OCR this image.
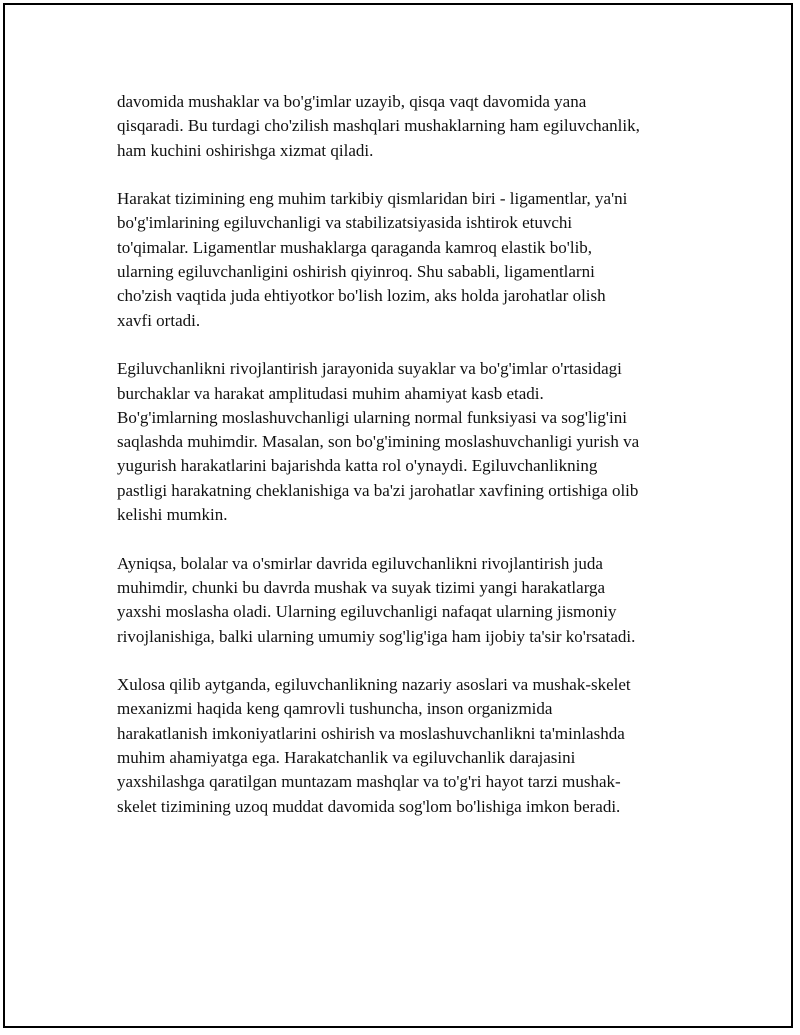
davomida mushaklar va bo'g'imlar uzayib, qisqa vaqt davomida yana
qisqaradi. Bu turdagi cho'zilish mashqlari mushaklarning ham egiluvchanlik,
ham kuchini oshirishga xizmat qiladi.

Harakat tizimining eng muhim tarkibiy qismlaridan biri - ligamentlar, ya'ni
bo'g'imlarining egiluvchanligi va stabilizatsiyasida ishtirok etuvchi
to'qimalar. Ligamentlar mushaklarga qaraganda kamroq elastik bo'lib,
ularning egiluvchanligini oshirish qiyinroq. Shu sababli, ligamentlarni
cho'zish vaqtida juda ehtiyotkor bo'lish lozim, aks holda jarohatlar olish
xavfi ortadi.

Egiluvchanlikni rivojlantirish jarayonida suyaklar va bo'g'imlar o'rtasidagi
burchaklar va harakat amplitudasi muhim ahamiyat kasb etadi.
Bo'g'imlarning moslashuvchanligi ularning normal funksiyasi va sog'lig'ini
saqlashda muhimdir. Masalan, son bo'g'imining moslashuvchanligi yurish va
yugurish harakatlarini bajarishda katta rol o'ynaydi. Egiluvchanlikning
pastligi harakatning cheklanishiga va ba'zi jarohatlar xavfining ortishiga olib
kelishi mumkin.

Ayniqsa, bolalar va o'smirlar davrida egiluvchanlikni rivojlantirish juda
muhimdir, chunki bu davrda mushak va suyak tizimi yangi harakatlarga
yaxshi moslasha oladi. Ularning egiluvchanligi nafaqat ularning jismoniy
rivojlanishiga, balki ularning umumiy sog'lig'iga ham ijobiy ta'sir ko'rsatadi.

Xulosa qilib aytganda, egiluvchanlikning nazariy asoslari va mushak-skelet
mexanizmi haqida keng qamrovli tushuncha, inson organizmida
harakatlanish imkoniyatlarini oshirish va moslashuvchanlikni ta'minlashda
muhim ahamiyatga ega. Harakatchanlik va egiluvchanlik darajasini
yaxshilashga qaratilgan muntazam mashqlar va to'g'ri hayot tarzi mushak-
skelet tizimining uzoq muddat davomida sog'lom bo'lishiga imkon beradi.
